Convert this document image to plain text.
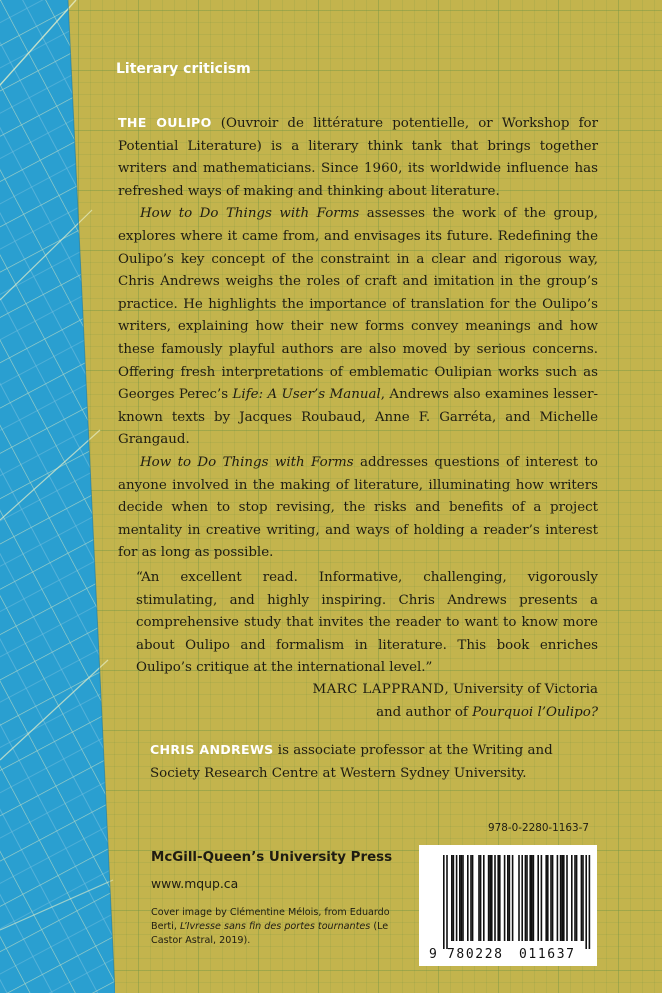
Literary criticism

THE OULIPO (Ouvroir de littérature potentielle, or Workshop for Potential Literature) is a literary think tank that brings together writers and mathematicians. Since 1960, its worldwide influence has refreshed ways of making and thinking about literature.

How to Do Things with Forms assesses the work of the group, explores where it came from, and envisages its future. Redefining the Oulipo’s key concept of the constraint in a clear and rigorous way, Chris Andrews weighs the roles of craft and imitation in the group’s practice. He highlights the importance of translation for the Oulipo’s writers, explaining how their new forms convey meanings and how these famously playful authors are also moved by serious concerns. Offering fresh interpretations of emblematic Oulipian works such as Georges Perec’s Life: A User’s Manual, Andrews also examines lesser-known texts by Jacques Roubaud, Anne F. Garréta, and Michelle Grangaud.

How to Do Things with Forms addresses questions of interest to anyone involved in the making of literature, illuminating how writers decide when to stop revising, the risks and benefits of a project mentality in creative writing, and ways of holding a reader’s interest for as long as possible.

“An excellent read. Informative, challenging, vigorously stimulating, and highly inspiring. Chris Andrews presents a comprehensive study that invites the reader to want to know more about Oulipo and formalism in literature. This book enriches Oulipo’s critique at the international level.”

MARC LAPPRAND, University of Victoria
and author of Pourquoi l’Oulipo?

CHRIS ANDREWS is associate professor at the Writing and Society Research Centre at Western Sydney University.

978-0-2280-1163-7
9 780228 011637
McGill-Queen’s University Press
www.mqup.ca

Cover image by Clémentine Mélois, from Eduardo Berti, L’Ivresse sans fin des portes tournantes (Le Castor Astral, 2019).
